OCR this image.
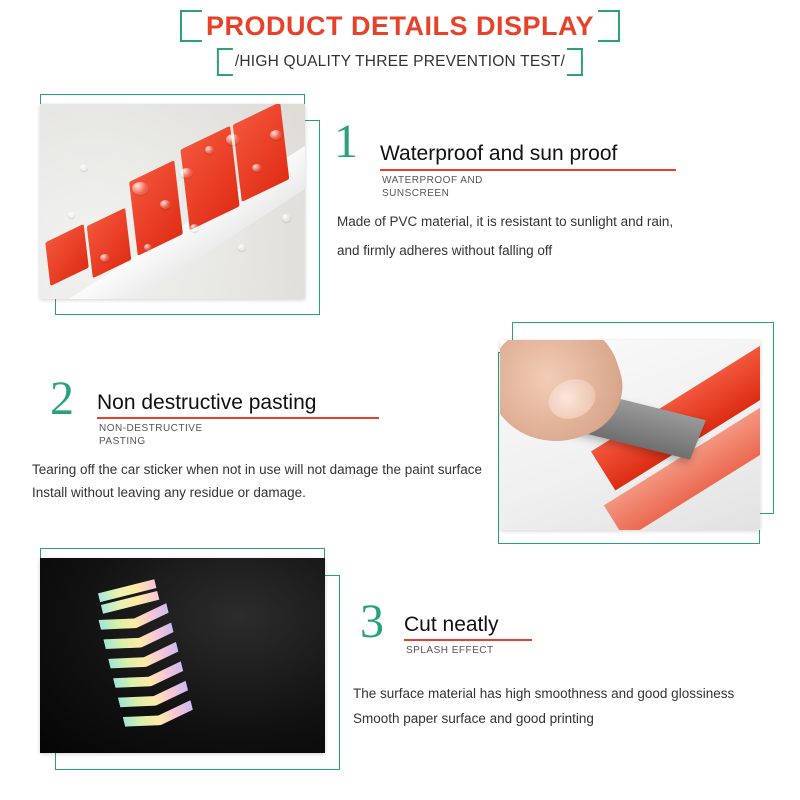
PRODUCT DETAILS DISPLAY
/HIGH QUALITY THREE PREVENTION TEST/
1 Waterproof and sun proof
WATERPROOF AND
SUNSCREEN
Made of PVC material, it is resistant to sunlight and rain,
and firmly adheres without falling off
2 Non destructive pasting
NON-DESTRUCTIVE
PASTING
Tearing off the car sticker when not in use will not damage the paint surface
Install without leaving any residue or damage.
3 Cut neatly
SPLASH EFFECT
The surface material has high smoothness and good glossiness
Smooth paper surface and good printing
